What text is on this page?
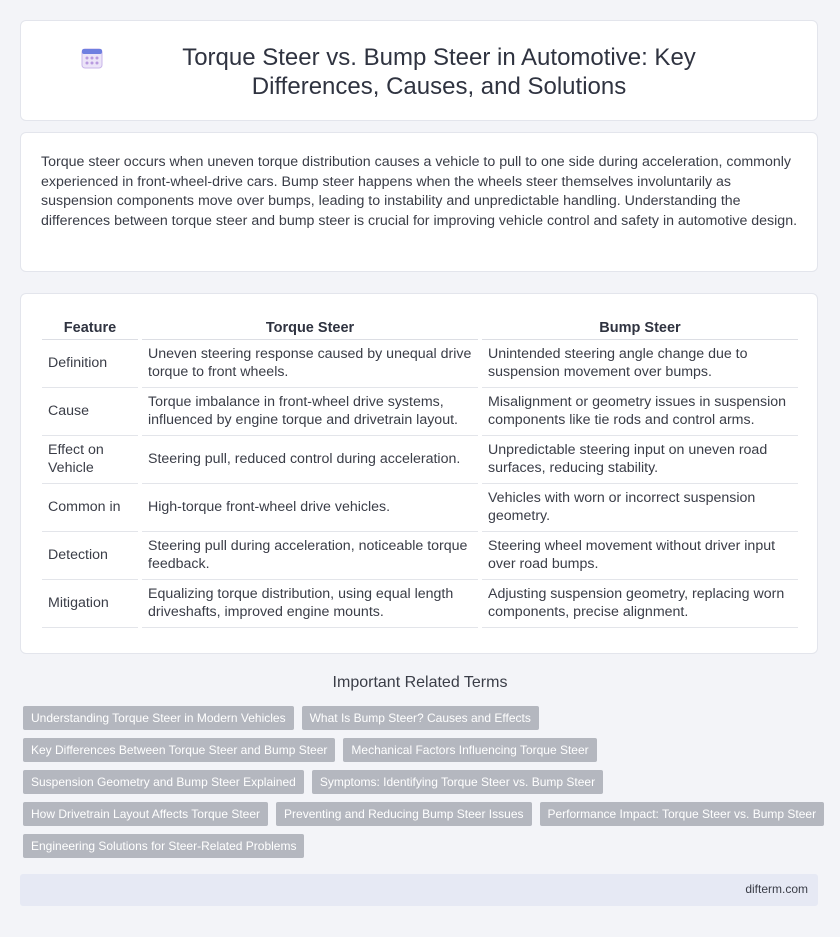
Torque Steer vs. Bump Steer in Automotive: Key Differences, Causes, and Solutions

Torque steer occurs when uneven torque distribution causes a vehicle to pull to one side during acceleration, commonly experienced in front-wheel-drive cars. Bump steer happens when the wheels steer themselves involuntarily as suspension components move over bumps, leading to instability and unpredictable handling. Understanding the differences between torque steer and bump steer is crucial for improving vehicle control and safety in automotive design.

Feature		Torque Steer		Bump Steer
Definition		Uneven steering response caused by unequal drive torque to front wheels.		Unintended steering angle change due to suspension movement over bumps.
Cause		Torque imbalance in front-wheel drive systems, influenced by engine torque and drivetrain layout.		Misalignment or geometry issues in suspension components like tie rods and control arms.
Effect on Vehicle		Steering pull, reduced control during acceleration.		Unpredictable steering input on uneven road surfaces, reducing stability.
Common in		High-torque front-wheel drive vehicles.		Vehicles with worn or incorrect suspension geometry.
Detection		Steering pull during acceleration, noticeable torque feedback.		Steering wheel movement without driver input over road bumps.
Mitigation		Equalizing torque distribution, using equal length driveshafts, improved engine mounts.		Adjusting suspension geometry, replacing worn components, precise alignment.
Important Related Terms
Understanding Torque Steer in Modern Vehicles	What Is Bump Steer? Causes and Effects
Key Differences Between Torque Steer and Bump Steer	Mechanical Factors Influencing Torque Steer
Suspension Geometry and Bump Steer Explained	Symptoms: Identifying Torque Steer vs. Bump Steer
How Drivetrain Layout Affects Torque Steer	Preventing and Reducing Bump Steer Issues	Performance Impact: Torque Steer vs. Bump Steer
Engineering Solutions for Steer-Related Problems
difterm.com
